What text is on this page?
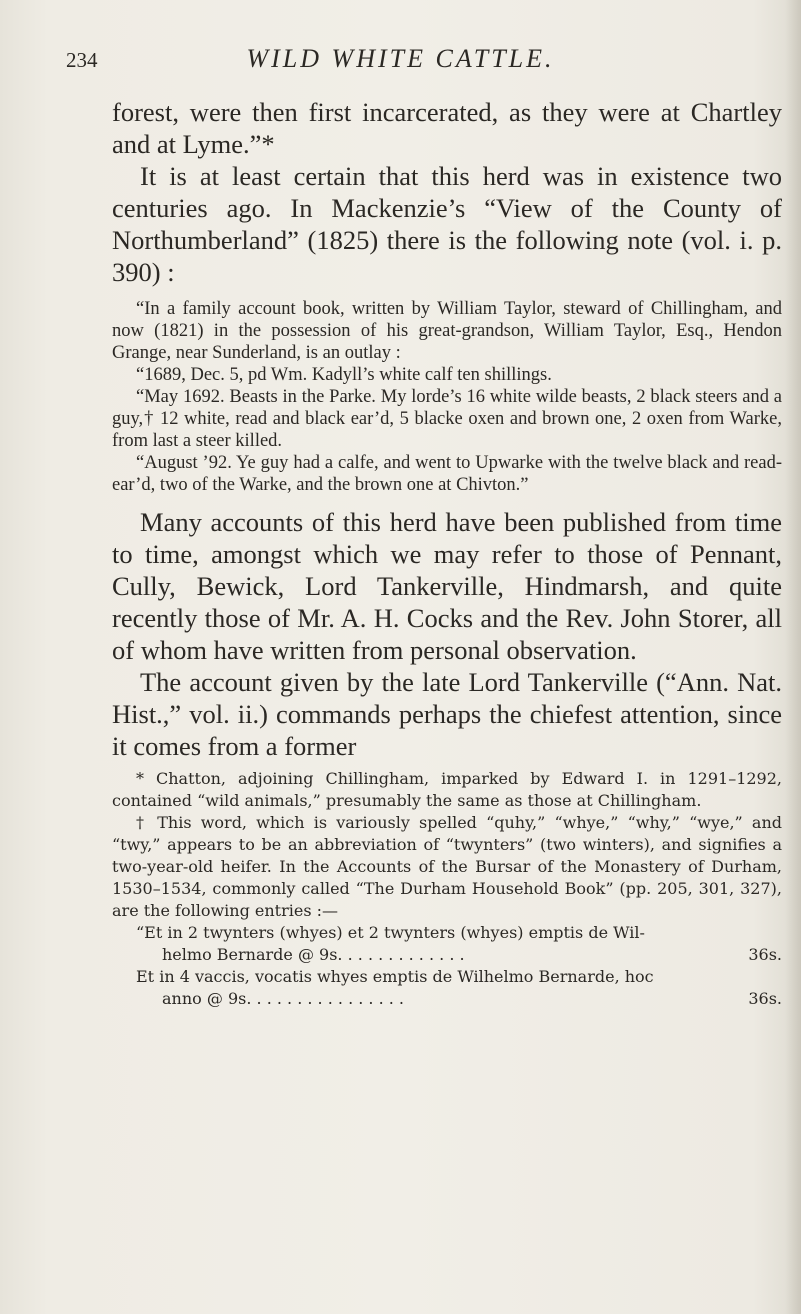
234	WILD WHITE CATTLE.

forest, were then first incarcerated, as they were at Chartley and at Lyme.”*

It is at least certain that this herd was in existence two centuries ago. In Mackenzie’s “View of the County of Northumberland” (1825) there is the following note (vol. i. p. 390) :

“In a family account book, written by William Taylor, steward of Chillingham, and now (1821) in the possession of his great-grandson, William Taylor, Esq., Hendon Grange, near Sunderland, is an outlay :
“1689, Dec. 5, pd Wm. Kadyll’s white calf ten shillings.
“May 1692. Beasts in the Parke. My lorde’s 16 white wilde beasts, 2 black steers and a guy,† 12 white, read and black ear’d, 5 blacke oxen and brown one, 2 oxen from Warke, from last a steer killed.
“August ’92. Ye guy had a calfe, and went to Upwarke with the twelve black and read-ear’d, two of the Warke, and the brown one at Chivton.”

Many accounts of this herd have been published from time to time, amongst which we may refer to those of Pennant, Cully, Bewick, Lord Tankerville, Hindmarsh, and quite recently those of Mr. A. H. Cocks and the Rev. John Storer, all of whom have written from personal observation.

The account given by the late Lord Tankerville (“Ann. Nat. Hist.,” vol. ii.) commands perhaps the chiefest attention, since it comes from a former

* Chatton, adjoining Chillingham, imparked by Edward I. in 1291–1292, contained “wild animals,” presumably the same as those at Chillingham.

† This word, which is variously spelled “quhy,” “whye,” “why,” “wye,” and “twy,” appears to be an abbreviation of “twynters” (two winters), and signifies a two-year-old heifer. In the Accounts of the Bursar of the Monastery of Durham, 1530–1534, commonly called “The Durham Household Book” (pp. 205, 301, 327), are the following entries :—

“Et in 2 twynters (whyes) et 2 twynters (whyes) emptis de Wil-
helmo Bernarde @ 9s. . . . . . . . . . . . .	36s.
Et in 4 vaccis, vocatis whyes emptis de Wilhelmo Bernarde, hoc
anno @ 9s. . . . . . . . . . . . . . . .	36s.
